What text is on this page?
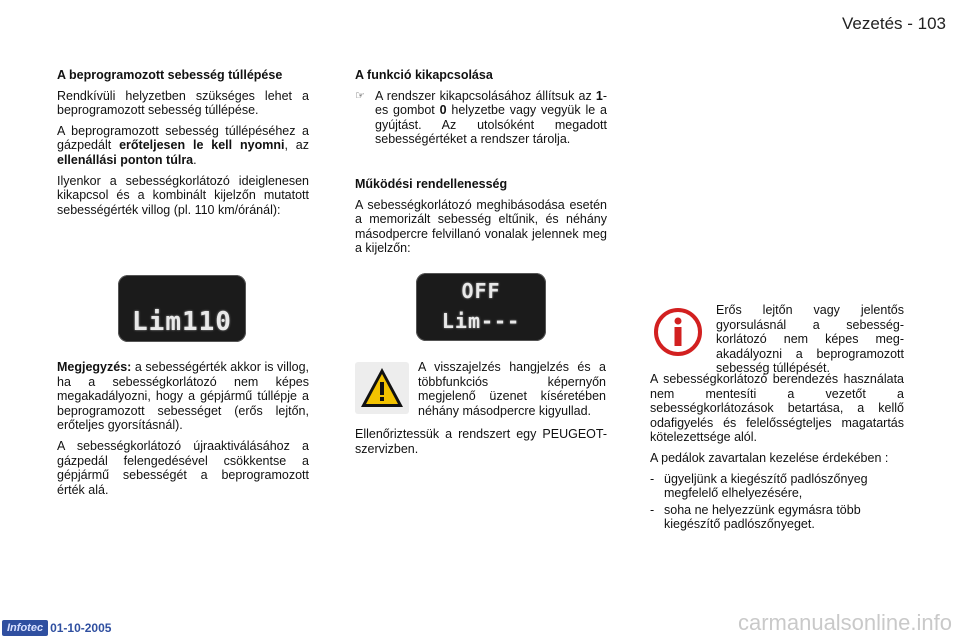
Vezetés - 103
A beprogramozott sebesség túllépése

Rendkívüli helyzetben szükséges lehet a beprogramozott sebesség túllépése.

A beprogramozott sebesség túllépéséhez a gázpedált erőteljesen le kell nyomni, az ellenállási ponton túlra.

Ilyenkor a sebességkorlátozó ideiglenesen kikapcsol és a kombinált kijelzőn mutatott sebességérték villog (pl. 110 km/óránál):

Lim110

Megjegyzés: a sebességérték akkor is villog, ha a sebességkorlátozó nem képes megakadályozni, hogy a gépjármű túllépje a beprogramozott sebességet (erős lejtőn, erőteljes gyorsításnál).

A sebességkorlátozó újraaktiválásához a gázpedál felengedésével csökkentse a gépjármű sebességét a beprogramozott érték alá.

A funkció kikapcsolása
☞ A rendszer kikapcsolásához állítsuk az 1-es gombot 0 helyzetbe vagy vegyük le a gyújtást. Az utolsóként megadott sebességértéket a rendszer tárolja.
Működési rendellenesség

A sebességkorlátozó meghibásodása esetén a memorizált sebesség eltűnik, és néhány másodpercre felvillanó vonalak jelennek meg a kijelzőn:

OFF
Lim---

A visszajelzés hangjelzés és a többfunkciós képernyőn megjelenő üzenet kíséretében néhány másodpercre kigyullad.

Ellenőriztessük a rendszert egy PEUGEOT-szervizben.

Erős lejtőn vagy jelentős gyorsulásnál a sebességkorlátozó nem képes megakadályozni a beprogramozott sebesség túllépését.

A sebességkorlátozó berendezés használata nem mentesíti a vezetőt a sebességkorlátozások betartása, a kellő odafigyelés és felelősségteljes magatartás kötelezettsége alól.

A pedálok zavartalan kezelése érdekében :

- ügyeljünk a kiegészítő padlószőnyeg megfelelő elhelyezésére,
- soha ne helyezzünk egymásra több kiegészítő padlószőnyeget.
Infotec 01-10-2005	carmanualsonline.info
